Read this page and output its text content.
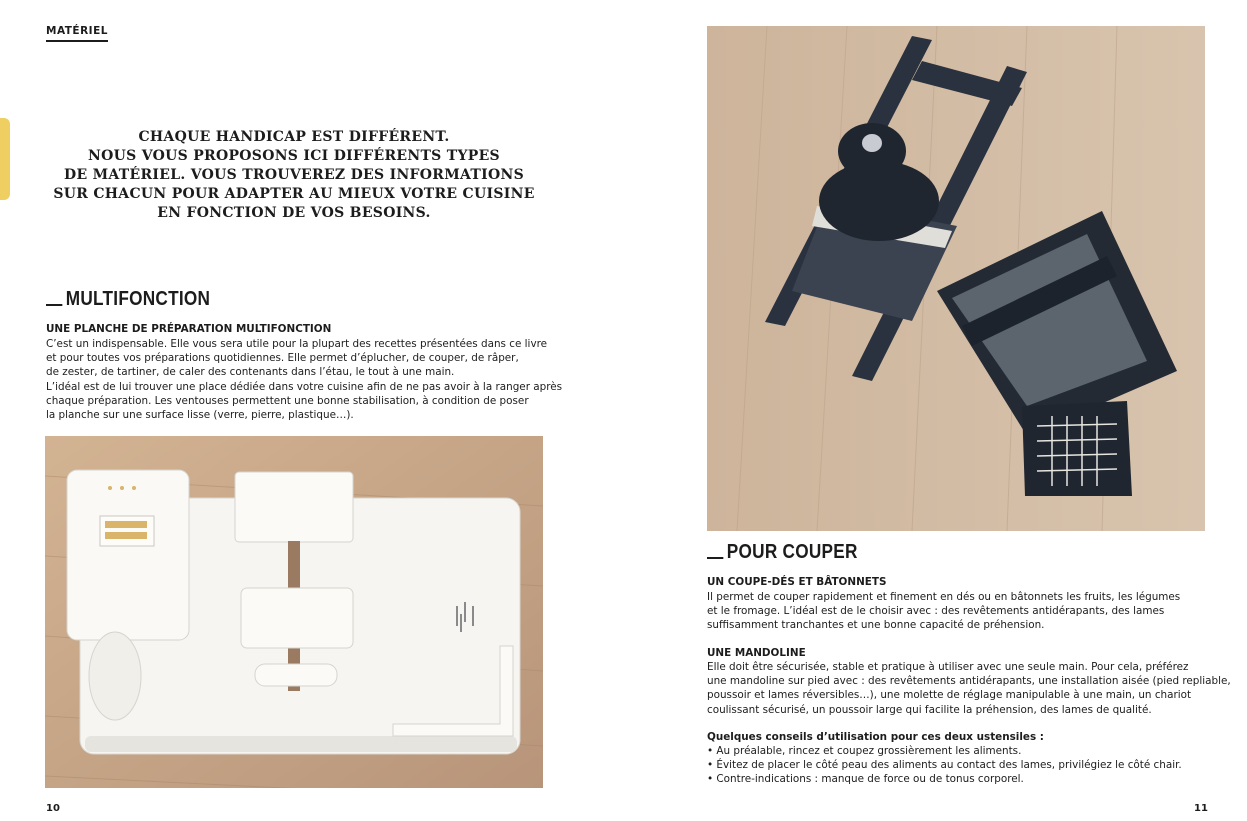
MATÉRIEL
CHAQUE HANDICAP EST DIFFÉRENT.
NOUS VOUS PROPOSONS ICI DIFFÉRENTS TYPES
DE MATÉRIEL. VOUS TROUVEREZ DES INFORMATIONS
SUR CHACUN POUR ADAPTER AU MIEUX VOTRE CUISINE
EN FONCTION DE VOS BESOINS.
MULTIFONCTION
UNE PLANCHE DE PRÉPARATION MULTIFONCTION
C’est un indispensable. Elle vous sera utile pour la plupart des recettes présentées dans ce livre
et pour toutes vos préparations quotidiennes. Elle permet d’éplucher, de couper, de râper,
de zester, de tartiner, de caler des contenants dans l’étau, le tout à une main.
L’idéal est de lui trouver une place dédiée dans votre cuisine afin de ne pas avoir à la ranger après
chaque préparation. Les ventouses permettent une bonne stabilisation, à condition de poser
la planche sur une surface lisse (verre, pierre, plastique…).
POUR COUPER
UN COUPE-DÉS ET BÂTONNETS
Il permet de couper rapidement et finement en dés ou en bâtonnets les fruits, les légumes
et le fromage. L’idéal est de le choisir avec : des revêtements antidérapants, des lames
suffisamment tranchantes et une bonne capacité de préhension.
UNE MANDOLINE
Elle doit être sécurisée, stable et pratique à utiliser avec une seule main. Pour cela, préférez
une mandoline sur pied avec : des revêtements antidérapants, une installation aisée (pied repliable,
poussoir et lames réversibles…), une molette de réglage manipulable à une main, un chariot
coulissant sécurisé, un poussoir large qui facilite la préhension, des lames de qualité.
Quelques conseils d’utilisation pour ces deux ustensiles :
• Au préalable, rincez et coupez grossièrement les aliments.
• Évitez de placer le côté peau des aliments au contact des lames, privilégiez le côté chair.
• Contre-indications : manque de force ou de tonus corporel.
10	11
